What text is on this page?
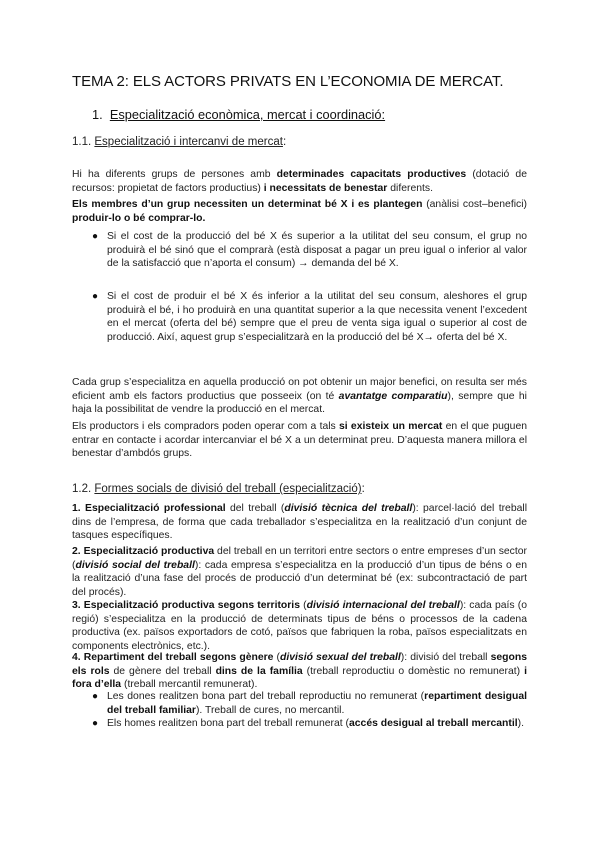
TEMA 2: ELS ACTORS PRIVATS EN L’ECONOMIA DE MERCAT.
1. Especialització econòmica, mercat i coordinació:
1.1. Especialització i intercanvi de mercat:
Hi ha diferents grups de persones amb determinades capacitats productives (dotació de recursos: propietat de factors productius) i necessitats de benestar diferents.
Els membres d’un grup necessiten un determinat bé X i es plantegen (anàlisi cost–benefici) produir-lo o bé comprar-lo.
● Si el cost de la producció del bé X és superior a la utilitat del seu consum, el grup no produirà el bé sinó que el comprarà (està disposat a pagar un preu igual o inferior al valor de la satisfacció que n’aporta el consum) → demanda del bé X.
● Si el cost de produir el bé X és inferior a la utilitat del seu consum, aleshores el grup produirà el bé, i ho produirà en una quantitat superior a la que necessita venent l’excedent en el mercat (oferta del bé) sempre que el preu de venta siga igual o superior al cost de producció. Així, aquest grup s’especialitzarà en la producció del bé X→ oferta del bé X.
Cada grup s’especialitza en aquella producció on pot obtenir un major benefici, on resulta ser més eficient amb els factors productius que posseeix (on té avantatge comparatiu), sempre que hi haja la possibilitat de vendre la producció en el mercat.
Els productors i els compradors poden operar com a tals si existeix un mercat en el que puguen entrar en contacte i acordar intercanviar el bé X a un determinat preu. D’aquesta manera millora el benestar d’ambdós grups.
1.2. Formes socials de divisió del treball (especialització):
1. Especialització professional del treball (divisió tècnica del treball): parcel·lació del treball dins de l’empresa, de forma que cada treballador s’especialitza en la realització d’un conjunt de tasques específiques.
2. Especialització productiva del treball en un territori entre sectors o entre empreses d’un sector (divisió social del treball): cada empresa s’especialitza en la producció d’un tipus de béns o en la realització d’una fase del procés de producció d’un determinat bé (ex: subcontractació de part del procés).
3. Especialització productiva segons territoris (divisió internacional del treball): cada país (o regió) s’especialitza en la producció de determinats tipus de béns o processos de la cadena productiva (ex. països exportadors de cotó, països que fabriquen la roba, països especialitzats en components electrònics, etc.).
4. Repartiment del treball segons gènere (divisió sexual del treball): divisió del treball segons els rols de gènere del treball dins de la família (treball reproductiu o domèstic no remunerat) i fora d’ella (treball mercantil remunerat).
● Les dones realitzen bona part del treball reproductiu no remunerat (repartiment desigual del treball familiar). Treball de cures, no mercantil.
● Els homes realitzen bona part del treball remunerat (accés desigual al treball mercantil).
